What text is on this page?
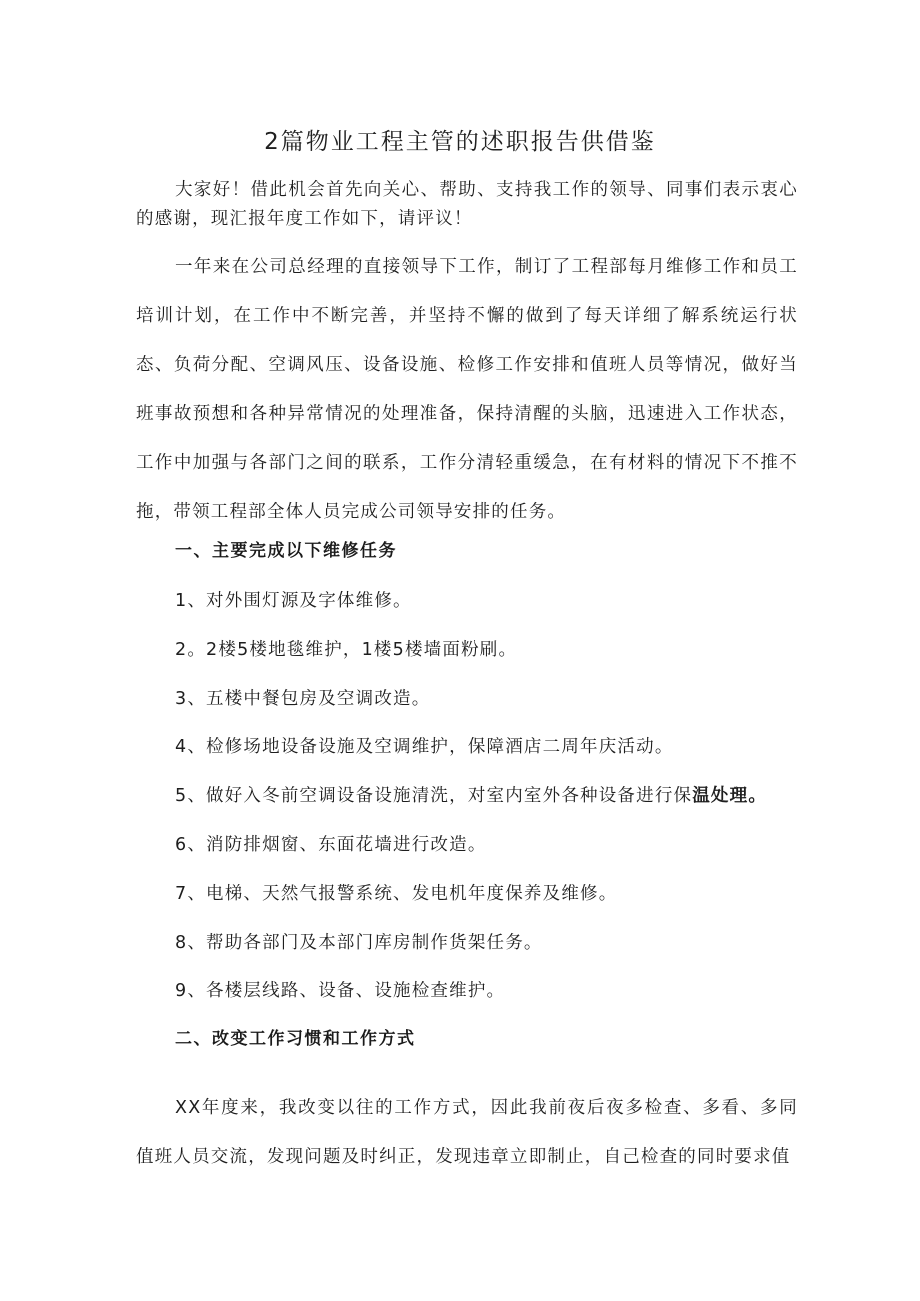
2篇物业工程主管的述职报告供借鉴
大家好！借此机会首先向关心、帮助、支持我工作的领导、同事们表示衷心的感谢，现汇报年度工作如下，请评议！
一年来在公司总经理的直接领导下工作，制订了工程部每月维修工作和员工培训计划，在工作中不断完善，并坚持不懈的做到了每天详细了解系统运行状态、负荷分配、空调风压、设备设施、检修工作安排和值班人员等情况，做好当班事故预想和各种异常情况的处理准备，保持清醒的头脑，迅速进入工作状态，工作中加强与各部门之间的联系，工作分清轻重缓急，在有材料的情况下不推不拖，带领工程部全体人员完成公司领导安排的任务。
一、主要完成以下维修任务
1、对外围灯源及字体维修。
2。2楼5楼地毯维护，1楼5楼墙面粉刷。
3、五楼中餐包房及空调改造。
4、检修场地设备设施及空调维护，保障酒店二周年庆活动。
5、做好入冬前空调设备设施清洗，对室内室外各种设备进行保温处理。
6、消防排烟窗、东面花墙进行改造。
7、电梯、天然气报警系统、发电机年度保养及维修。
8、帮助各部门及本部门库房制作货架任务。
9、各楼层线路、设备、设施检查维护。
二、改变工作习惯和工作方式
XX年度来，我改变以往的工作方式，因此我前夜后夜多检查、多看、多同值班人员交流，发现问题及时纠正，发现违章立即制止，自己检查的同时要求值
